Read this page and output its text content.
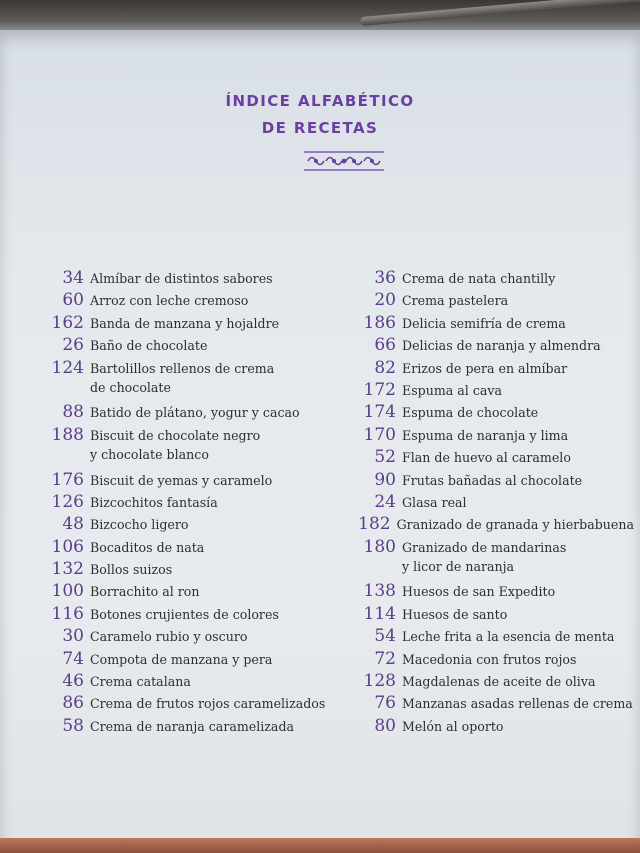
ÍNDICE ALFABÉTICO
DE RECETAS
34 Almíbar de distintos sabores
60 Arroz con leche cremoso
162 Banda de manzana y hojaldre
26 Baño de chocolate
124 Bartolillos rellenos de crema
de chocolate
88 Batido de plátano, yogur y cacao
188 Biscuit de chocolate negro
y chocolate blanco
176 Biscuit de yemas y caramelo
126 Bizcochitos fantasía
48 Bizcocho ligero
106 Bocaditos de nata
132 Bollos suizos
100 Borrachito al ron
116 Botones crujientes de colores
30 Caramelo rubio y oscuro
74 Compota de manzana y pera
46 Crema catalana
86 Crema de frutos rojos caramelizados
58 Crema de naranja caramelizada
36 Crema de nata chantilly
20 Crema pastelera
186 Delicia semifría de crema
66 Delicias de naranja y almendra
82 Erizos de pera en almíbar
172 Espuma al cava
174 Espuma de chocolate
170 Espuma de naranja y lima
52 Flan de huevo al caramelo
90 Frutas bañadas al chocolate
24 Glasa real
182 Granizado de granada y hierbabuena
180 Granizado de mandarinas
y licor de naranja
138 Huesos de san Expedito
114 Huesos de santo
54 Leche frita a la esencia de menta
72 Macedonia con frutos rojos
128 Magdalenas de aceite de oliva
76 Manzanas asadas rellenas de crema
80 Melón al oporto
